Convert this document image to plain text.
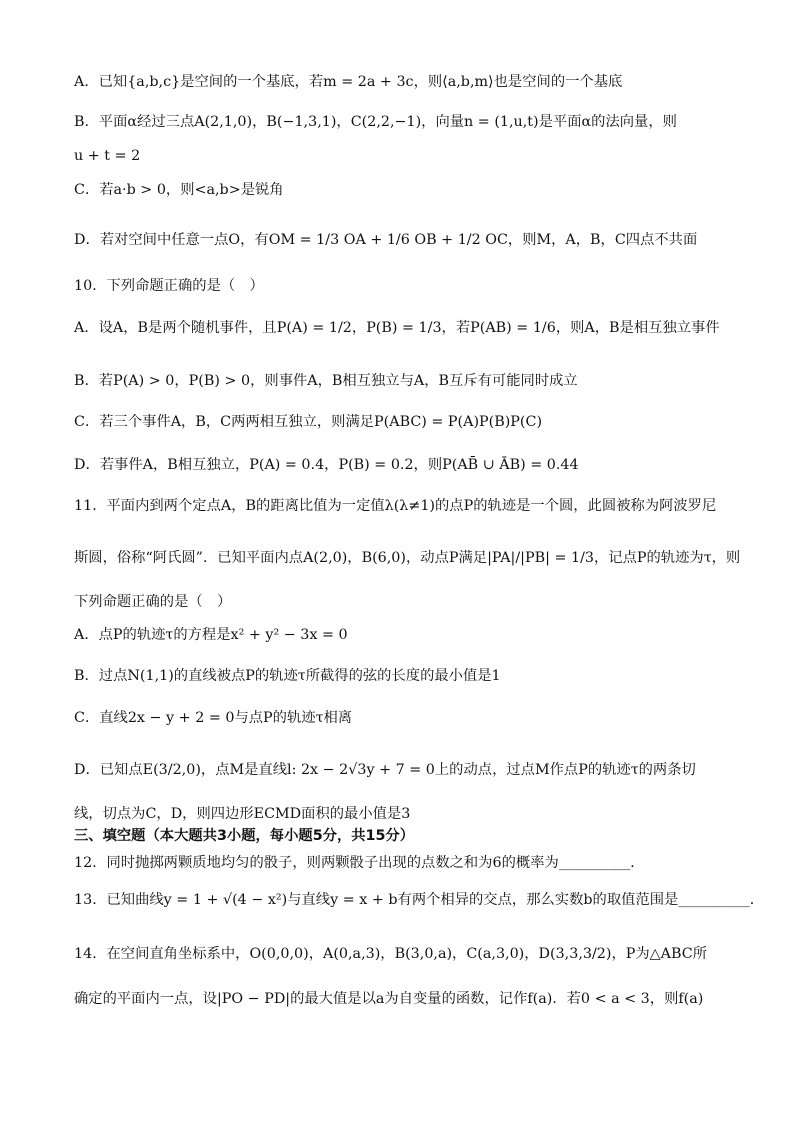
A．已知{a,b,c}是空间的一个基底，若m = 2a + 3c，则⟨a,b,m⟩也是空间的一个基底
B．平面α经过三点A(2,1,0)，B(−1,3,1)，C(2,2,−1)，向量n = (1,u,t)是平面α的法向量，则
u + t = 2
C．若a·b > 0，则<a,b>是锐角
D．若对空间中任意一点O，有OM = 1/3 OA + 1/6 OB + 1/2 OC，则M，A，B，C四点不共面
10．下列命题正确的是（　）
A．设A，B是两个随机事件，且P(A) = 1/2，P(B) = 1/3，若P(AB) = 1/6，则A，B是相互独立事件
B．若P(A) > 0，P(B) > 0，则事件A，B相互独立与A，B互斥有可能同时成立
C．若三个事件A，B，C两两相互独立，则满足P(ABC) = P(A)P(B)P(C)
D．若事件A，B相互独立，P(A) = 0.4，P(B) = 0.2，则P(AB̄ ∪ ĀB) = 0.44
11．平面内到两个定点A，B的距离比值为一定值λ(λ≠1)的点P的轨迹是一个圆，此圆被称为阿波罗尼
斯圆，俗称“阿氏圆”．已知平面内点A(2,0)，B(6,0)，动点P满足|PA|/|PB| = 1/3，记点P的轨迹为τ，则
下列命题正确的是（　）
A．点P的轨迹τ的方程是x² + y² − 3x = 0
B．过点N(1,1)的直线被点P的轨迹τ所截得的弦的长度的最小值是1
C．直线2x − y + 2 = 0与点P的轨迹τ相离
D．已知点E(3/2,0)，点M是直线l: 2x − 2√3y + 7 = 0上的动点，过点M作点P的轨迹τ的两条切
线，切点为C，D，则四边形ECMD面积的最小值是3
三、填空题（本大题共3小题，每小题5分，共15分）
12．同时抛掷两颗质地均匀的骰子，则两颗骰子出现的点数之和为6的概率为__________．
13．已知曲线y = 1 + √(4 − x²)与直线y = x + b有两个相异的交点，那么实数b的取值范围是__________．
14．在空间直角坐标系中，O(0,0,0)，A(0,a,3)，B(3,0,a)，C(a,3,0)，D(3,3,3/2)，P为△ABC所
确定的平面内一点，设|PO − PD|的最大值是以a为自变量的函数，记作f(a)．若0 < a < 3，则f(a)
